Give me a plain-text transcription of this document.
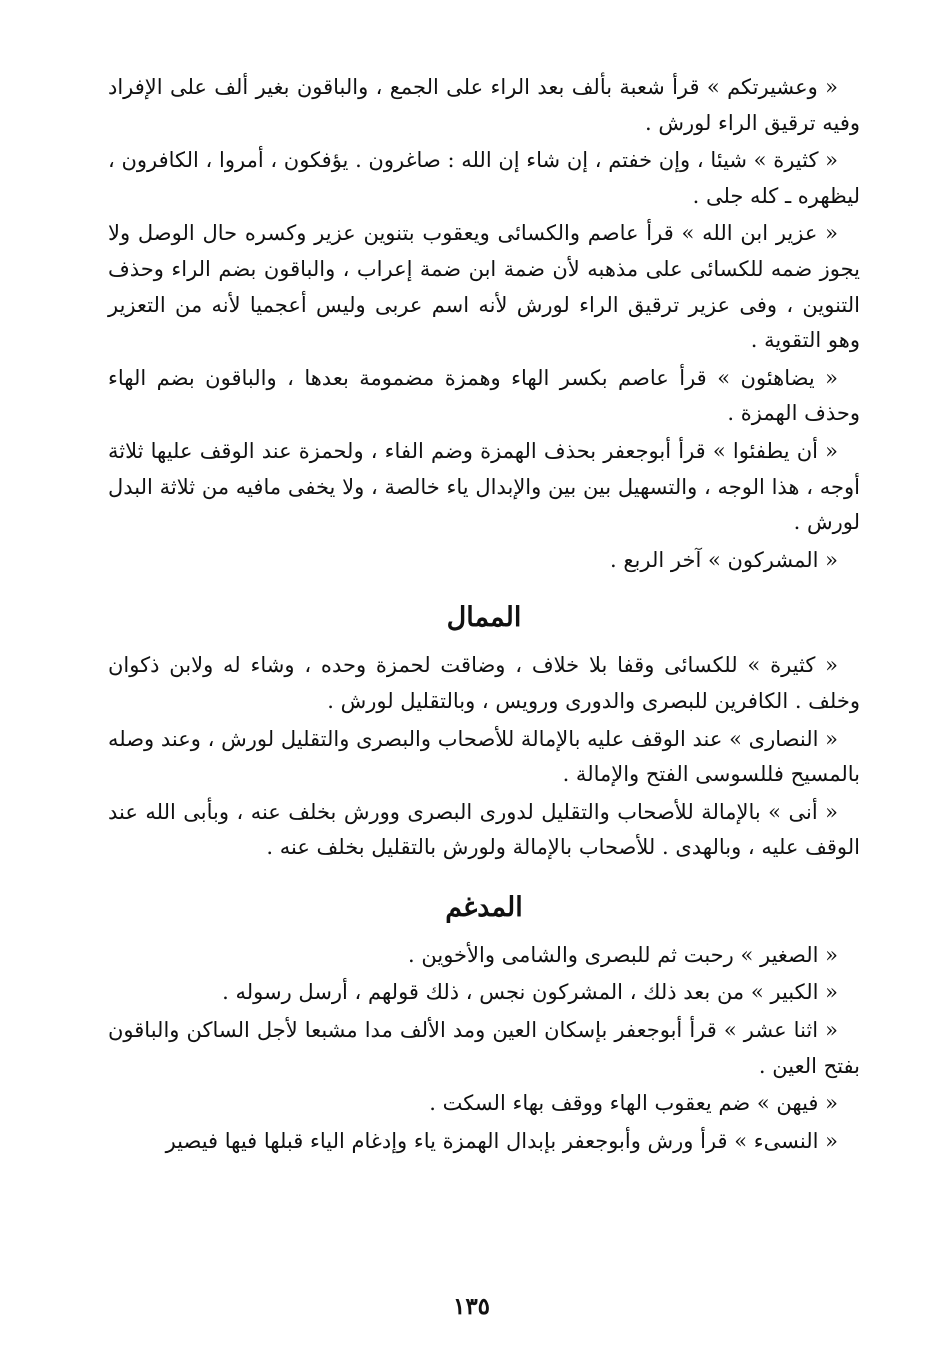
« وعشيرتكم » قرأ شعبة بألف بعد الراء على الجمع ، والباقون بغير ألف على الإفراد وفيه ترقيق الراء لورش .

« كثيرة » شيئا ، وإن خفتم ، إن شاء إن الله : صاغرون . يؤفكون ، أمروا ، الكافرون ، ليظهره ـ كله جلى .

« عزير ابن الله » قرأ عاصم والكسائى ويعقوب بتنوين عزير وكسره حال الوصل ولا يجوز ضمه للكسائى على مذهبه لأن ضمة ابن ضمة إعراب ، والباقون بضم الراء وحذف التنوين ، وفى عزير ترقيق الراء لورش لأنه اسم عربى وليس أعجميا لأنه من التعزير وهو التقوية .

« يضاهئون » قرأ عاصم بكسر الهاء وهمزة مضمومة بعدها ، والباقون بضم الهاء وحذف الهمزة .

« أن يطفئوا » قرأ أبوجعفر بحذف الهمزة وضم الفاء ، ولحمزة عند الوقف عليها ثلاثة أوجه ، هذا الوجه ، والتسهيل بين بين والإبدال ياء خالصة ، ولا يخفى مافيه من ثلاثة البدل لورش .

« المشركون » آخر الربع .

الممال

« كثيرة » للكسائى وقفا بلا خلاف ، وضاقت لحمزة وحده ، وشاء له ولابن ذكوان وخلف . الكافرين للبصرى والدورى ورويس ، وبالتقليل لورش .

« النصارى » عند الوقف عليه بالإمالة للأصحاب والبصرى والتقليل لورش ، وعند وصله بالمسيح فللسوسى الفتح والإمالة .

« أنى » بالإمالة للأصحاب والتقليل لدورى البصرى وورش بخلف عنه ، وبأبى الله عند الوقف عليه ، وبالهدى . للأصحاب بالإمالة ولورش بالتقليل بخلف عنه .

المدغم

« الصغير » رحبت ثم للبصرى والشامى والأخوين .

« الكبير » من بعد ذلك ، المشركون نجس ، ذلك قولهم ، أرسل رسوله .

« اثنا عشر » قرأ أبوجعفر بإسكان العين ومد الألف مدا مشبعا لأجل الساكن والباقون بفتح العين .

« فيهن » ضم يعقوب الهاء ووقف بهاء السكت .

« النسىء » قرأ ورش وأبوجعفر بإبدال الهمزة ياء وإدغام الياء قبلها فيها فيصير

١٣٥
